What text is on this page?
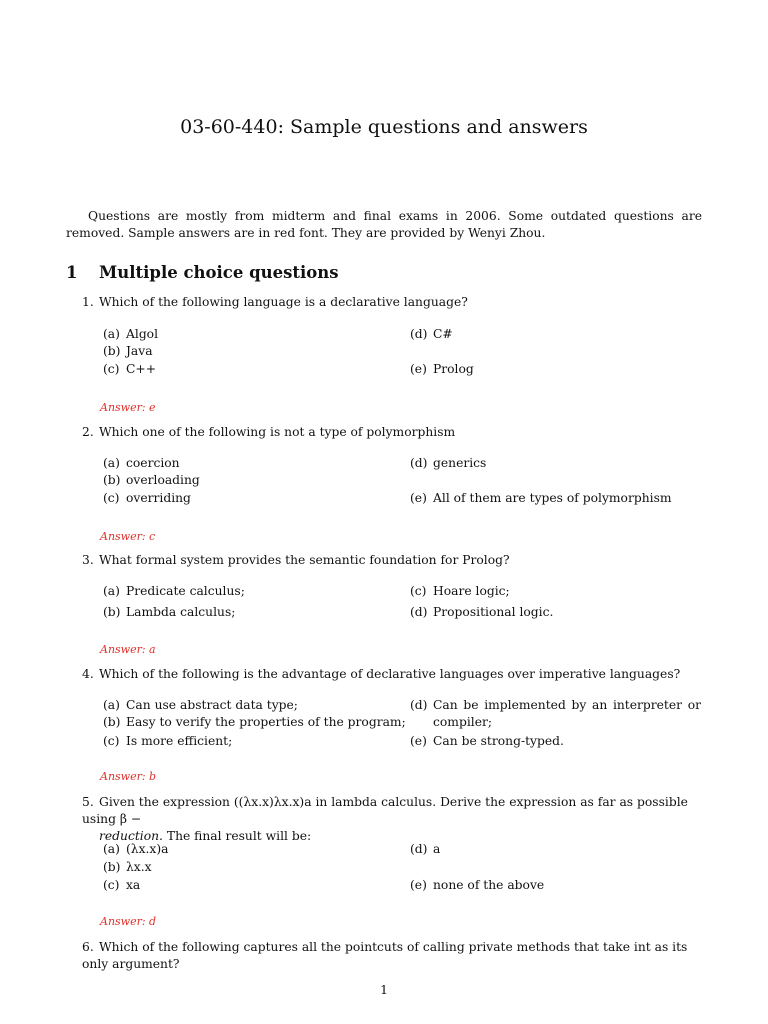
03-60-440: Sample questions and answers
Questions are mostly from midterm and final exams in 2006. Some outdated questions are removed. Sample answers are in red font. They are provided by Wenyi Zhou.
1 Multiple choice questions
1. Which of the following language is a declarative language?
(a) Algol
(b) Java
(c) C++
(d) C#
(e) Prolog
Answer: e
2. Which one of the following is not a type of polymorphism
(a) coercion
(b) overloading
(c) overriding
(d) generics
(e) All of them are types of polymorphism
Answer: c
3. What formal system provides the semantic foundation for Prolog?
(a) Predicate calculus;
(b) Lambda calculus;
(c) Hoare logic;
(d) Propositional logic.
Answer: a
4. Which of the following is the advantage of declarative languages over imperative languages?
(a) Can use abstract data type;
(b) Easy to verify the properties of the program;
(c) Is more efficient;
(d) Can be implemented by an interpreter or compiler;
(e) Can be strong-typed.
Answer: b
5. Given the expression ((λx.x)λx.x)a in lambda calculus. Derive the expression as far as possible using β −
reduction. The final result will be:
(a) (λx.x)a
(b) λx.x
(c) xa
(d) a
(e) none of the above
Answer: d
6. Which of the following captures all the pointcuts of calling private methods that take int as its only argument?
1
